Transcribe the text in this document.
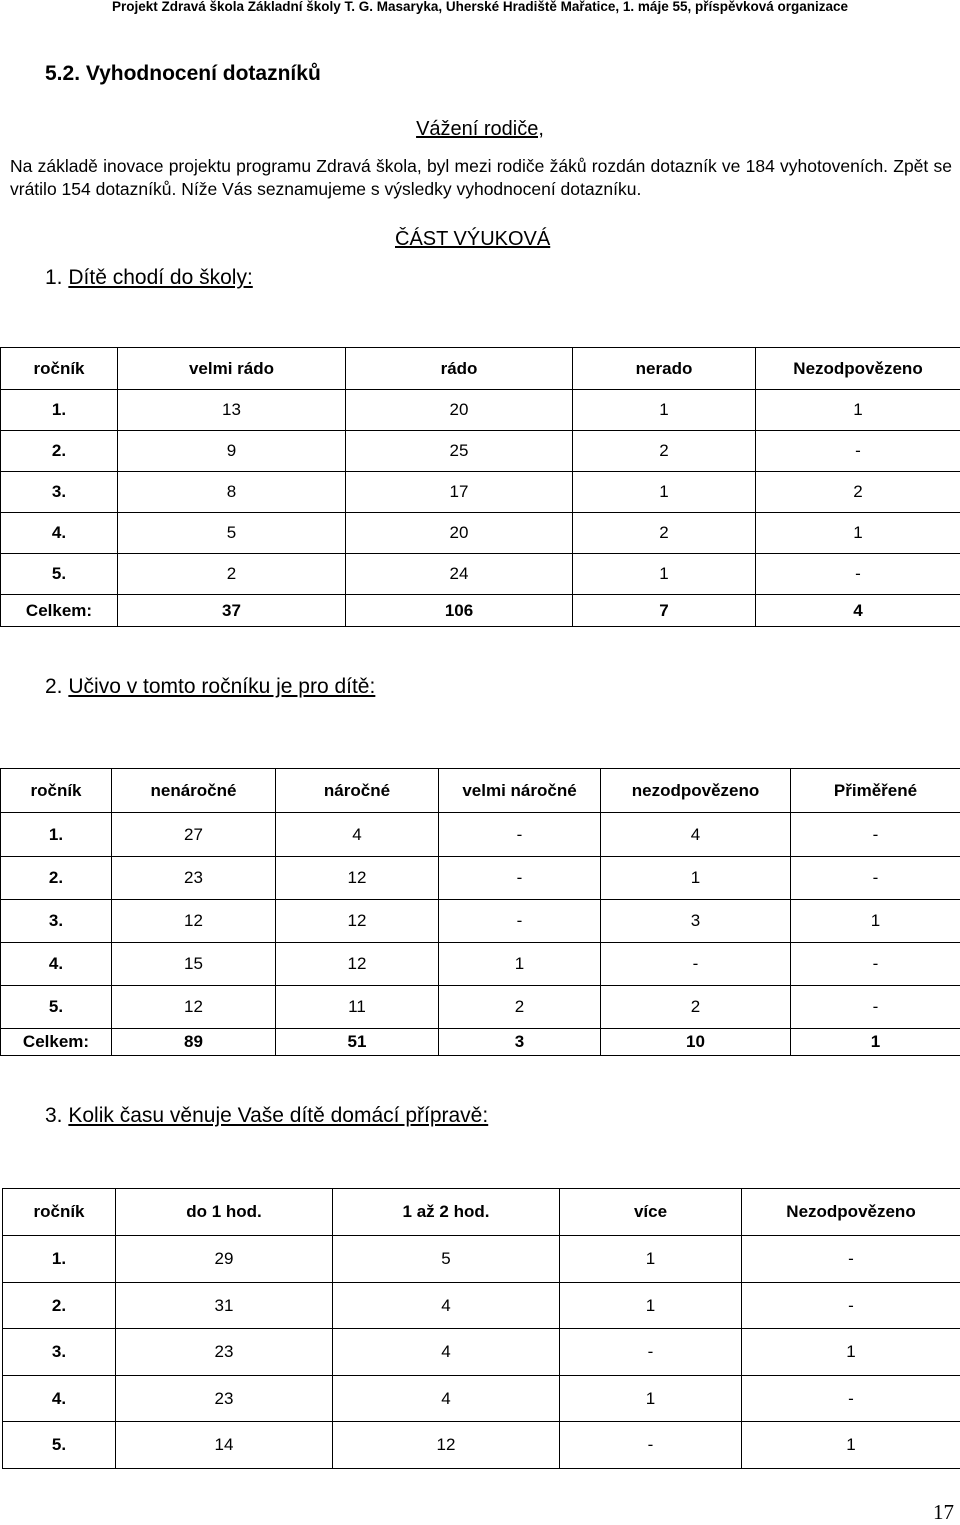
Projekt Zdravá škola Základní školy T. G. Masaryka, Uherské Hradiště Mařatice, 1. máje 55, příspěvková organizace
5.2. Vyhodnocení dotazníků
Vážení rodiče,
Na základě inovace projektu programu Zdravá škola, byl mezi rodiče žáků rozdán dotazník ve 184 vyhotoveních. Zpět se vrátilo 154 dotazníků. Níže Vás seznamujeme s výsledky vyhodnocení dotazníku.
ČÁST VÝUKOVÁ
1. Dítě chodí do školy:
ročník	velmi rádo	rádo	nerado	Nezodpovězeno
1.	13	20	1	1
2.	9	25	2	-
3.	8	17	1	2
4.	5	20	2	1
5.	2	24	1	-
Celkem:	37	106	7	4
2. Učivo v tomto ročníku je pro dítě:
ročník	nenáročné	náročné	velmi náročné	nezodpovězeno	Přiměřené
1.	27	4	-	4	-
2.	23	12	-	1	-
3.	12	12	-	3	1
4.	15	12	1	-	-
5.	12	11	2	2	-
Celkem:	89	51	3	10	1
3. Kolik času věnuje Vaše dítě domácí přípravě:
ročník	do 1 hod.	1 až 2 hod.	více	Nezodpovězeno
1.	29	5	1	-
2.	31	4	1	-
3.	23	4	-	1
4.	23	4	1	-
5.	14	12	-	1
17
